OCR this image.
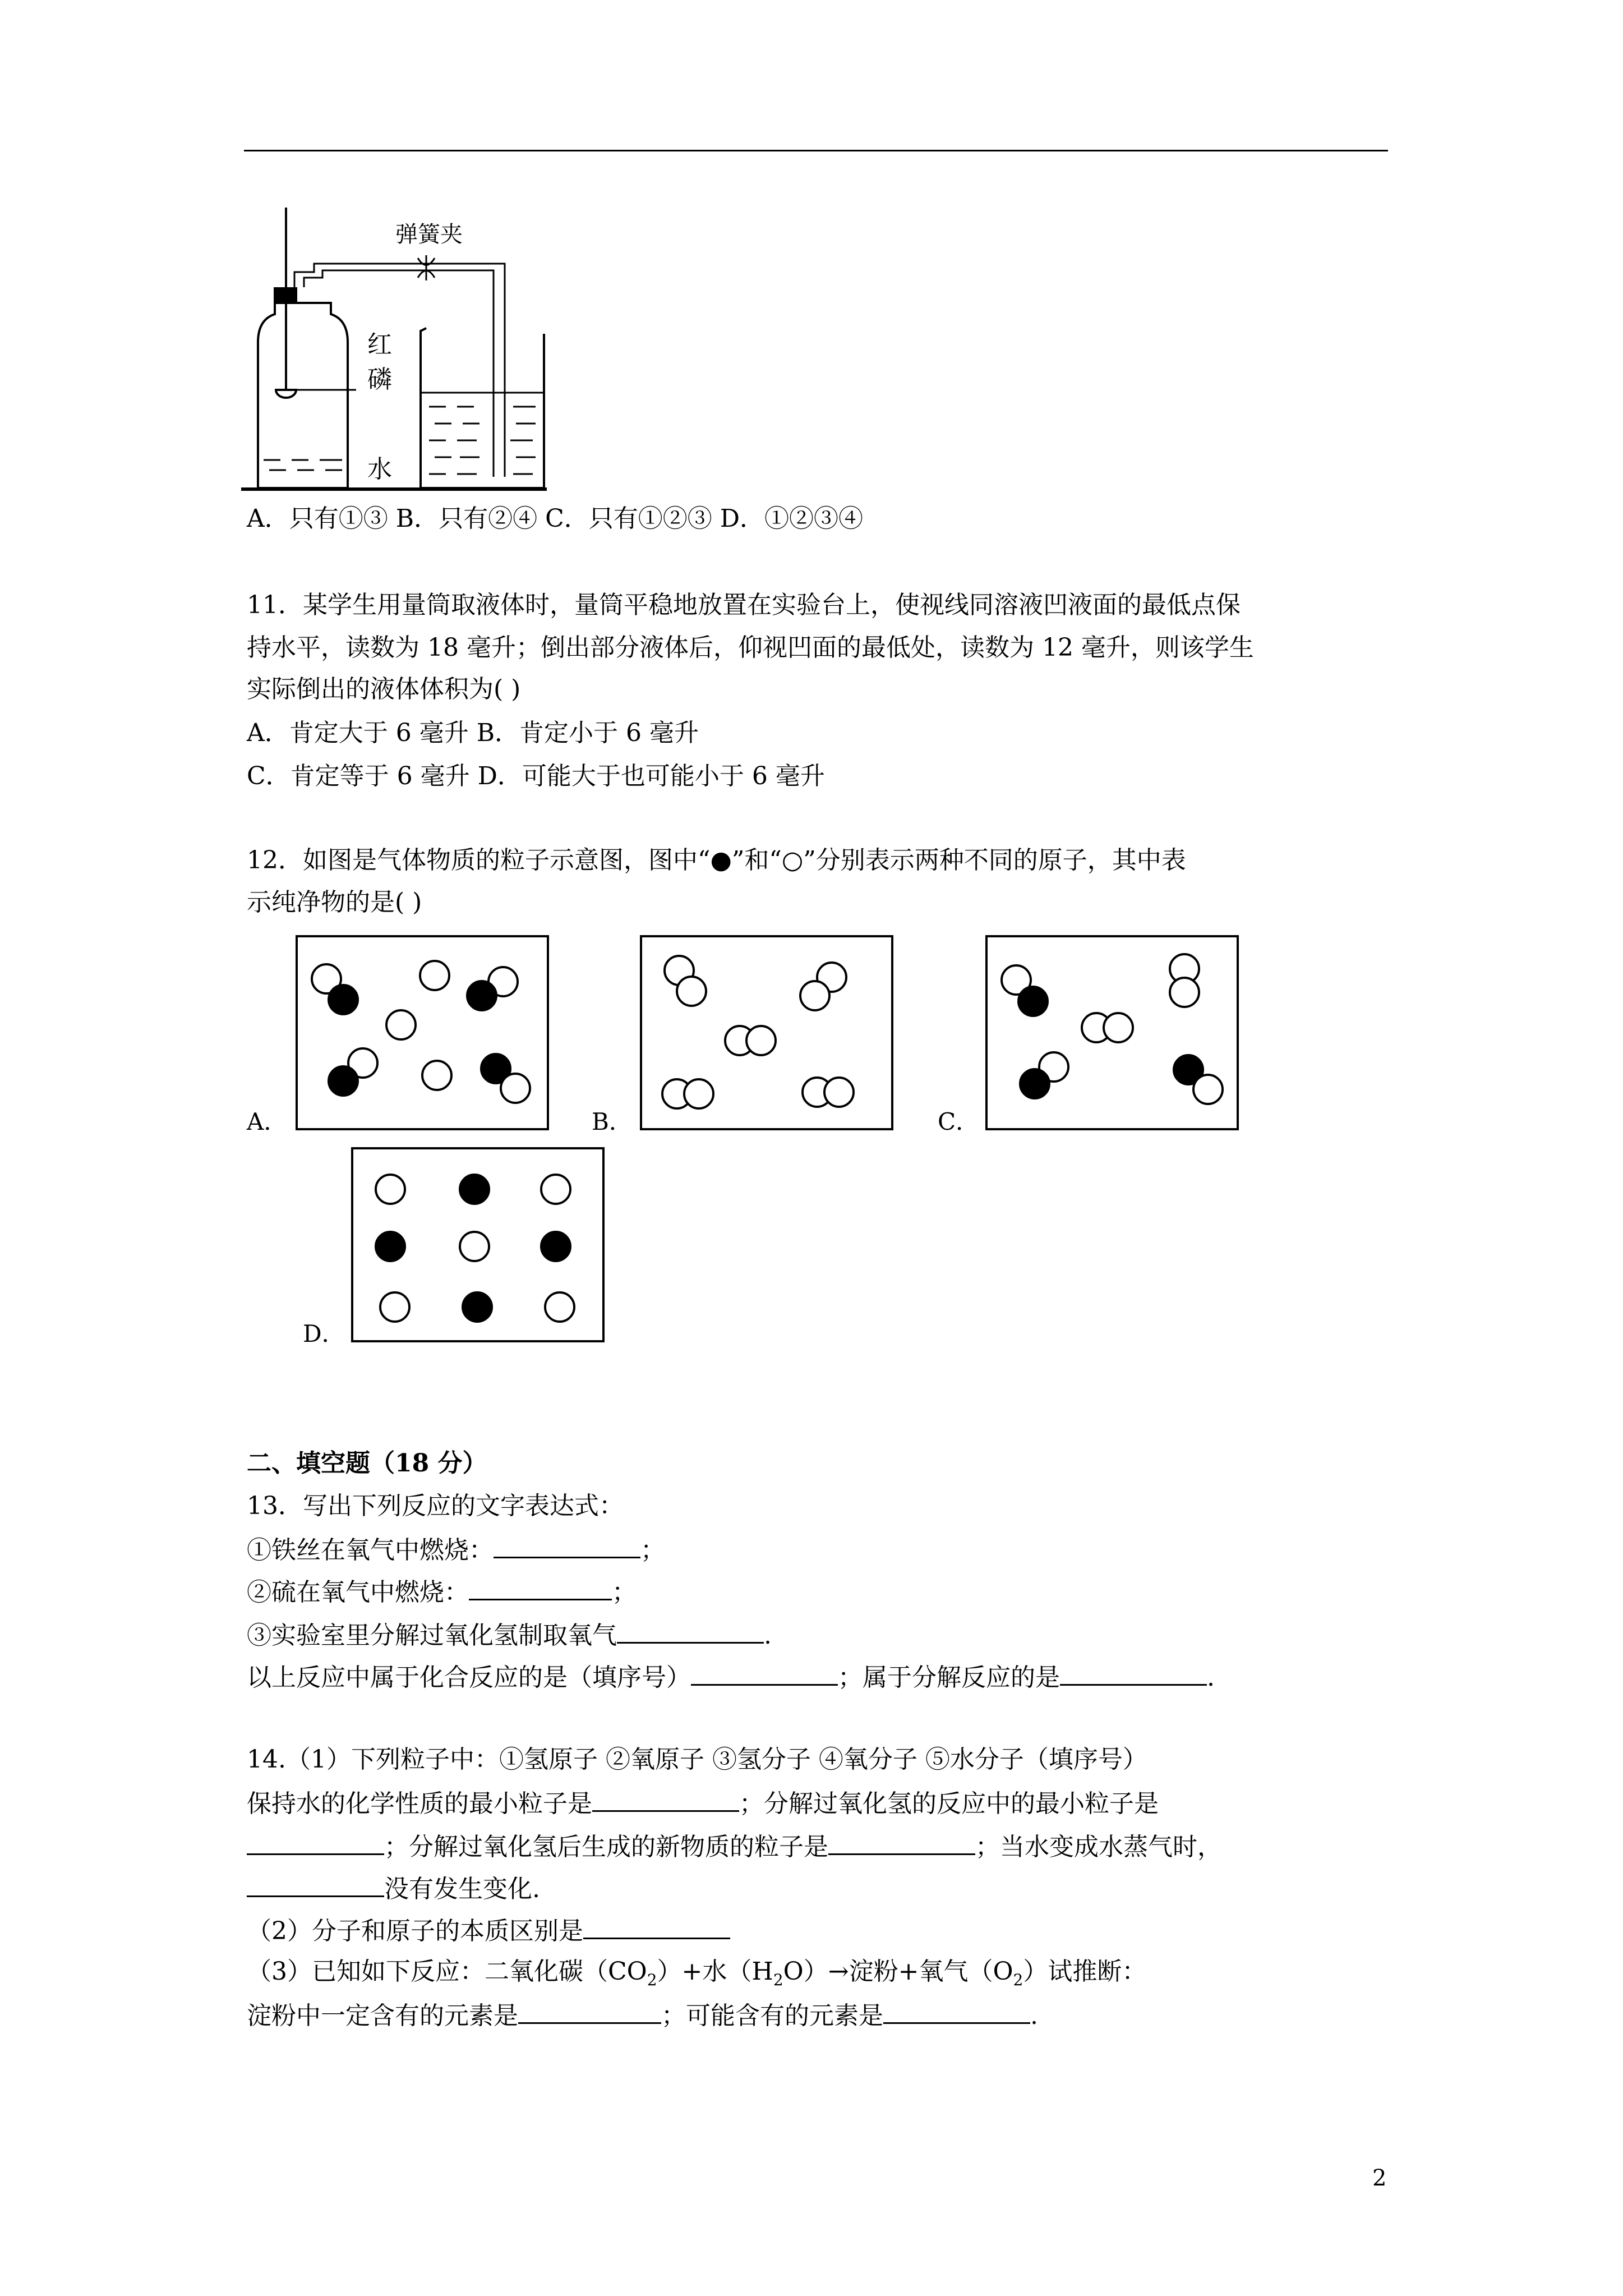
弹簧夹
红
磷
水
A．只有①③ B．只有②④ C．只有①②③ D．①②③④
11．某学生用量筒取液体时，量筒平稳地放置在实验台上，使视线同溶液凹液面的最低点保
持水平，读数为 18 毫升；倒出部分液体后，仰视凹面的最低处，读数为 12 毫升，则该学生
实际倒出的液体体积为( )
A．肯定大于 6 毫升 B．肯定小于 6 毫升
C．肯定等于 6 毫升 D．可能大于也可能小于 6 毫升
12．如图是气体物质的粒子示意图，图中“●”和“○”分别表示两种不同的原子，其中表
示纯净物的是( )
A．	B．	C．
D．
二、填空题（18 分）
13．写出下列反应的文字表达式：
①铁丝在氧气中燃烧：	；
②硫在氧气中燃烧：	；
③实验室里分解过氧化氢制取氧气	.
以上反应中属于化合反应的是（填序号）	；属于分解反应的是	.
14.（1）下列粒子中：①氢原子 ②氧原子 ③氢分子 ④氧分子 ⑤水分子（填序号）
保持水的化学性质的最小粒子是	；分解过氧化氢的反应中的最小粒子是
；分解过氧化氢后生成的新物质的粒子是	；当水变成水蒸气时，
没有发生变化.
（2）分子和原子的本质区别是
（3）已知如下反应：二氧化碳$(CO_2)+$水$(H_2O)\to$淀粉+氧气$(O_2)$试推断：
淀粉中一定含有的元素是	；可能含有的元素是	.
2
